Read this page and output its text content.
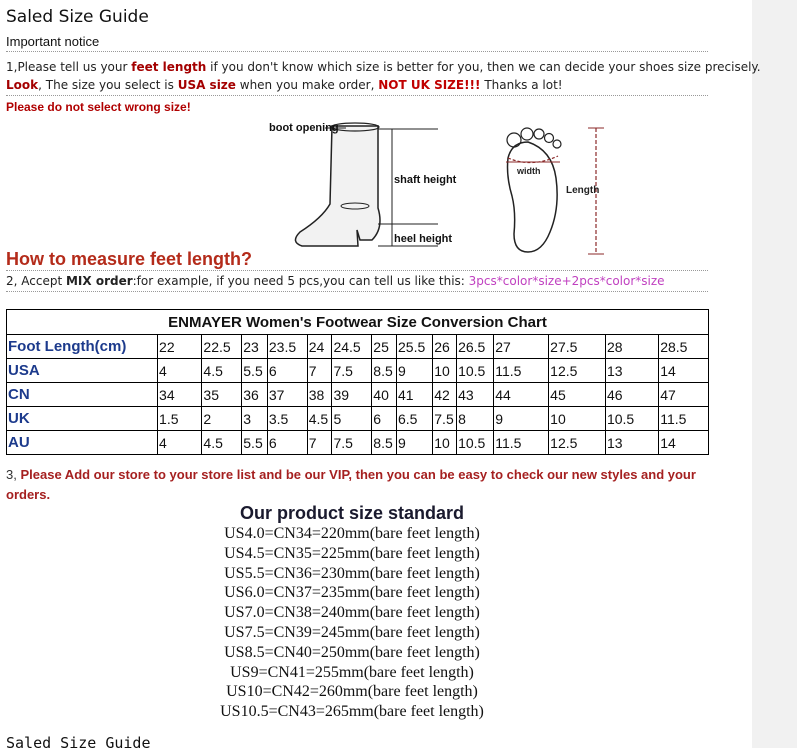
Saled Size Guide
Important notice
1,Please tell us your feet length if you don't know which size is better for you, then we can decide your shoes size precisely.
Look, The size you select is USA size when you make order, NOT UK SIZE!!! Thanks a lot!
Please do not select wrong size!
boot opening
shaft height
heel height
width
Length
How to measure feet length?
2, Accept MIX order:for example, if you need 5 pcs,you can tell us like this: 3pcs*color*size+2pcs*color*size
ENMAYER Women's Footwear Size Conversion Chart														
Foot Length(cm)	22	22.5	23	23.5	24	24.5	25	25.5	26	26.5	27	27.5	28	28.5
USA	4	4.5	5.5	6	7	7.5	8.5	9	10	10.5	11.5	12.5	13	14
CN	34	35	36	37	38	39	40	41	42	43	44	45	46	47
UK	1.5	2	3	3.5	4.5	5	6	6.5	7.5	8	9	10	10.5	11.5
AU	4	4.5	5.5	6	7	7.5	8.5	9	10	10.5	11.5	12.5	13	14
3, Please Add our store to your store list and be our VIP, then you can be easy to check our new styles and your orders.
Our product size standard
US4.0=CN34=220mm(bare feet length)
US4.5=CN35=225mm(bare feet length)
US5.5=CN36=230mm(bare feet length)
US6.0=CN37=235mm(bare feet length)
US7.0=CN38=240mm(bare feet length)
US7.5=CN39=245mm(bare feet length)
US8.5=CN40=250mm(bare feet length)
US9=CN41=255mm(bare feet length)
US10=CN42=260mm(bare feet length)
US10.5=CN43=265mm(bare feet length)
Saled Size Guide
